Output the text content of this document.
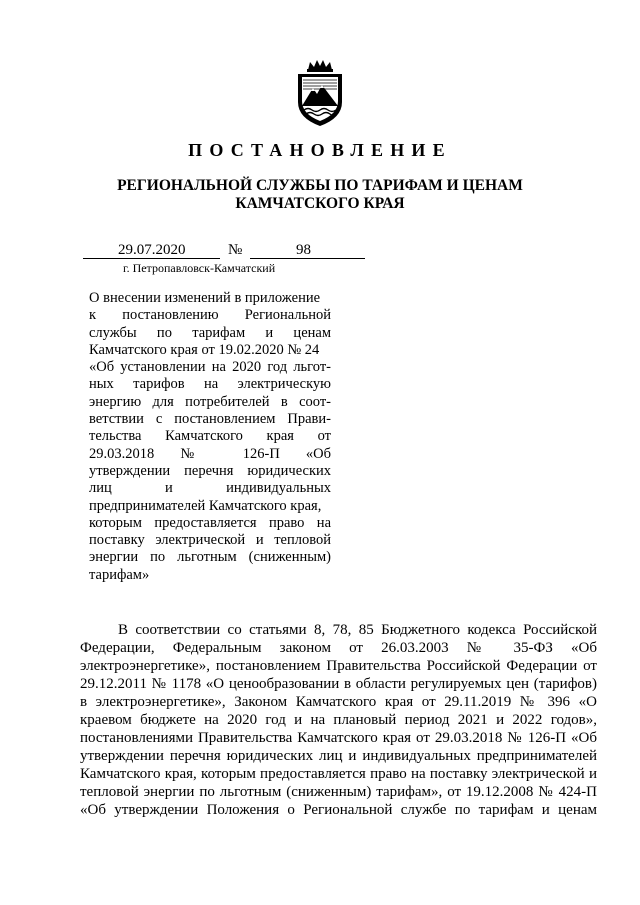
ПОСТАНОВЛЕНИЕ
РЕГИОНАЛЬНОЙ СЛУЖБЫ ПО ТАРИФАМ И ЦЕНАМ
КАМЧАТСКОГО КРАЯ
29.07.2020	№	98
г. Петропавловск-Камчатский
О внесении изменений в приложение
к постановлению Региональной
службы по тарифам и ценам
Камчатского края от 19.02.2020 № 24
«Об установлении на 2020 год льгот-
ных тарифов на электрическую
энергию для потребителей в соот-
ветствии с постановлением Прави-
тельства Камчатского края от
29.03.2018 № 126-П «Об
утверждении перечня юридических
лиц и индивидуальных
предпринимателей Камчатского края,
которым предоставляется право на
поставку электрической и тепловой
энергии по льготным (сниженным)
тарифам»
В соответствии со статьями 8, 78, 85 Бюджетного кодекса Российской
Федерации, Федеральным законом от 26.03.2003 № 35-ФЗ «Об
электроэнергетике», постановлением Правительства Российской Федерации от
29.12.2011 № 1178 «О ценообразовании в области регулируемых цен (тарифов)
в электроэнергетике», Законом Камчатского края от 29.11.2019 № 396 «О
краевом бюджете на 2020 год и на плановый период 2021 и 2022 годов»,
постановлениями Правительства Камчатского края от 29.03.2018 № 126-П «Об
утверждении перечня юридических лиц и индивидуальных предпринимателей
Камчатского края, которым предоставляется право на поставку электрической и
тепловой энергии по льготным (сниженным) тарифам», от 19.12.2008 № 424-П
«Об утверждении Положения о Региональной службе по тарифам и ценам
